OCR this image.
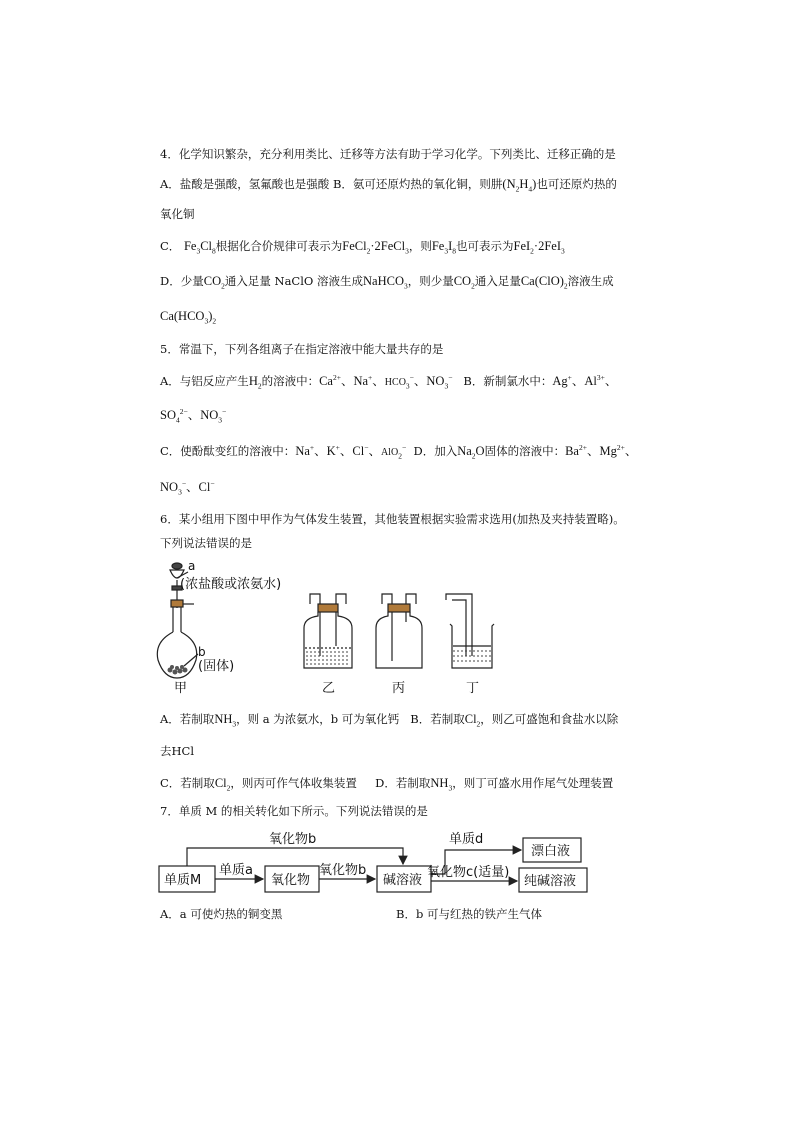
4．化学知识繁杂，充分利用类比、迁移等方法有助于学习化学。下列类比、迁移正确的是
A．盐酸是强酸，氢氟酸也是强酸 B．氨可还原灼热的氧化铜，则肼$(N_2H_4)$也可还原灼热的
氧化铜
C． $Fe_3Cl_8$根据化合价规律可表示为FeCl$_2$·2FeCl$_3$，则$Fe_3I_8$也可表示为FeI$_2$·2FeI$_3$
D．少量$CO_2$通入足量 NaClO 溶液生成NaHCO$_3$，则少量$CO_2$通入足量$Ca(ClO)_2$溶液生成
$Ca(HCO_3)_2$
5．常温下，下列各组离子在指定溶液中能大量共存的是
A．与铝反应产生$H_2$的溶液中：$Ca^{2+}$、Na+、$HCO_3^-$、$NO_3^-$ B．新制氯水中：Ag+、$Al^{3+}$、
$SO_4^{2-}$、$NO_3^-$
C．使酚酞变红的溶液中：Na+、K+、Cl−、AlO$_2$− D．加入$Na_2O$固体的溶液中：$Ba^{2+}$、$Mg^{2+}$、
$NO_3^-$、Cl−
6．某小组用下图中甲作为气体发生装置，其他装置根据实验需求选用(加热及夹持装置略)。
下列说法错误的是
a
(浓盐酸或浓氨水)
b
(固体)
甲	乙	丙	丁
A．若制取$NH_3$，则 a 为浓氨水，b 可为氧化钙 B．若制取$Cl_2$，则乙可盛饱和食盐水以除
去HCl
C．若制取$Cl_2$，则丙可作气体收集装置 D．若制取$NH_3$，则丁可盛水用作尾气处理装置
7．单质 M 的相关转化如下所示。下列说法错误的是
单质M	氧化物	碱溶液
漂白液
纯碱溶液
单质a	氧化物b
氧化物b	单质d
氧化物c(适量)
A．a 可使灼热的铜变黑	B．b 可与红热的铁产生气体
